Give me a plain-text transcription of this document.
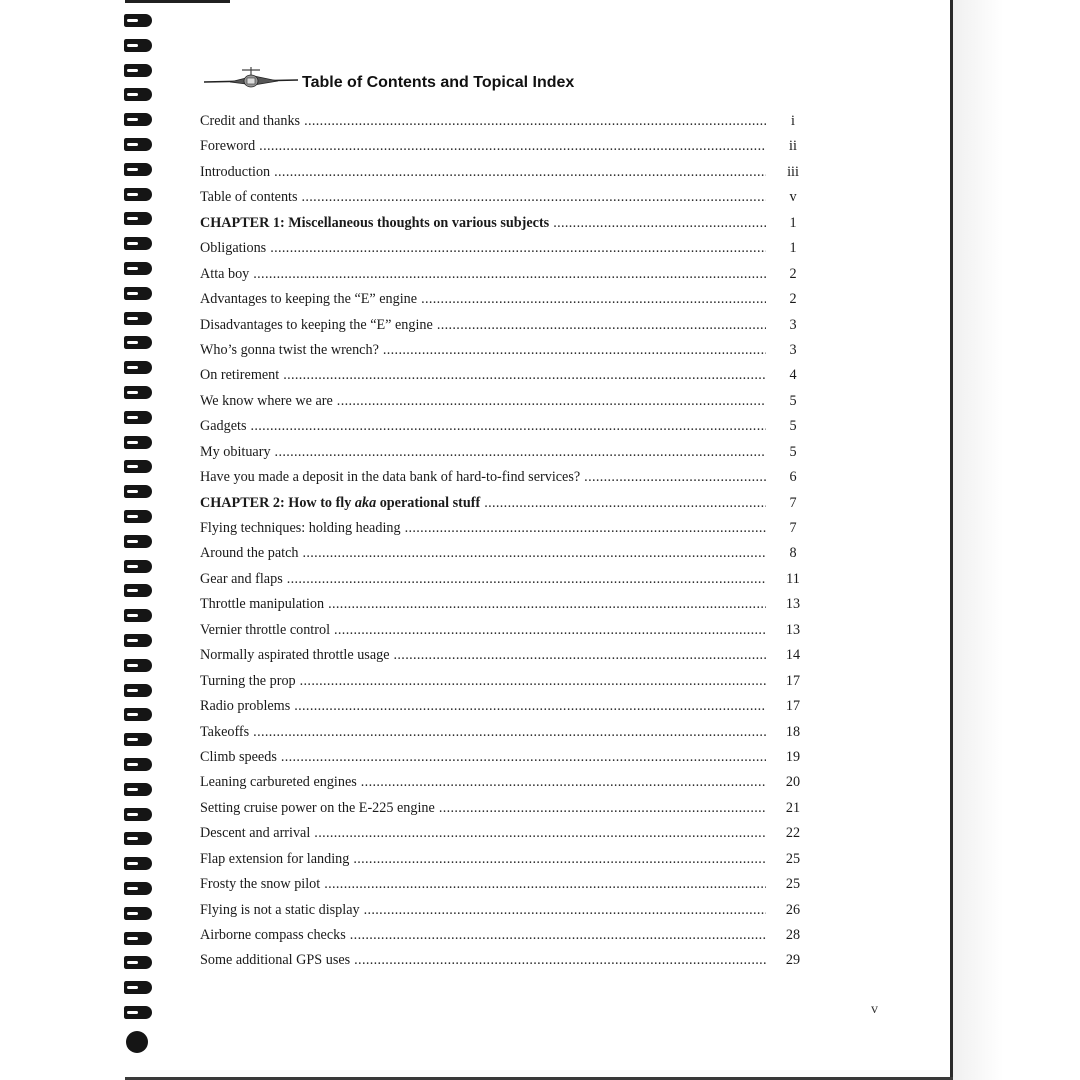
Table of Contents and Topical Index
Credit and thanks . . .	i
Foreword . . .	ii
Introduction . . .	iii
Table of contents . . .	v
CHAPTER 1: Miscellaneous thoughts on various subjects . . .	1
Obligations . . .	1
Atta boy . . .	2
Advantages to keeping the “E” engine . . .	2
Disadvantages to keeping the “E” engine . . .	3
Who’s gonna twist the wrench? . . .	3
On retirement . . .	4
We know where we are . . .	5
Gadgets . . .	5
My obituary . . .	5
Have you made a deposit in the data bank of hard-to-find services? . . .	6
CHAPTER 2: How to fly aka operational stuff . . .	7
Flying techniques: holding heading . . .	7
Around the patch . . .	8
Gear and flaps . . .	11
Throttle manipulation . . .	13
Vernier throttle control . . .	13
Normally aspirated throttle usage . . .	14
Turning the prop . . .	17
Radio problems . . .	17
Takeoffs . . .	18
Climb speeds . . .	19
Leaning carbureted engines . . .	20
Setting cruise power on the E-225 engine . . .	21
Descent and arrival . . .	22
Flap extension for landing . . .	25
Frosty the snow pilot . . .	25
Flying is not a static display . . .	26
Airborne compass checks . . .	28
Some additional GPS uses . . .	29
v
